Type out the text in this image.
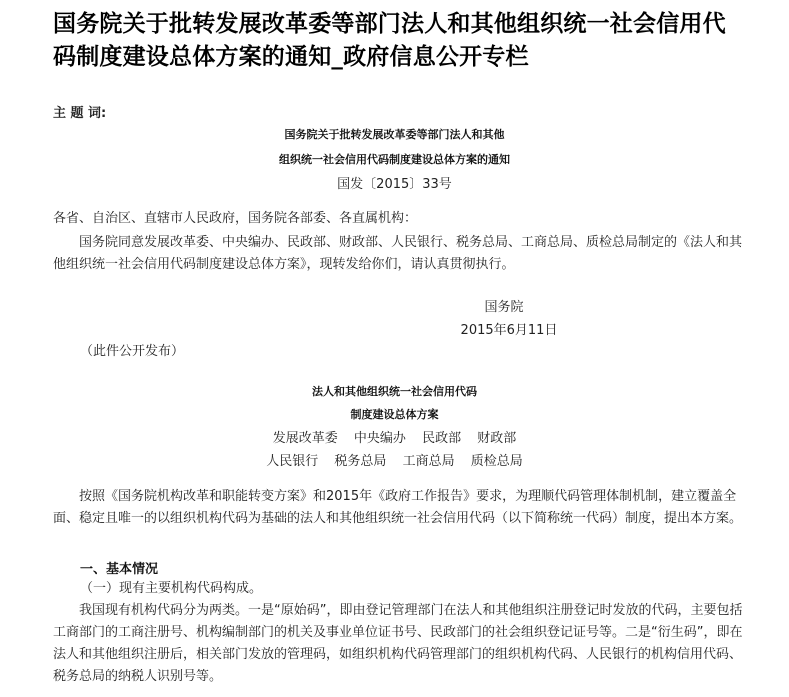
国务院关于批转发展改革委等部门法人和其他组织统一社会信用代码制度建设总体方案的通知_政府信息公开专栏
主 题 词:
国务院关于批转发展改革委等部门法人和其他
组织统一社会信用代码制度建设总体方案的通知
国发〔2015〕33号
各省、自治区、直辖市人民政府，国务院各部委、各直属机构：
国务院同意发展改革委、中央编办、民政部、财政部、人民银行、税务总局、工商总局、质检总局制定的《法人和其他组织统一社会信用代码制度建设总体方案》，现转发给你们，请认真贯彻执行。
国务院
2015年6月11日
（此件公开发布）
法人和其他组织统一社会信用代码
制度建设总体方案
发展改革委 中央编办 民政部 财政部
人民银行 税务总局 工商总局 质检总局
按照《国务院机构改革和职能转变方案》和2015年《政府工作报告》要求，为理顺代码管理体制机制，建立覆盖全面、稳定且唯一的以组织机构代码为基础的法人和其他组织统一社会信用代码（以下简称统一代码）制度，提出本方案。
一、基本情况
（一）现有主要机构代码构成。
我国现有机构代码分为两类。一是“原始码”，即由登记管理部门在法人和其他组织注册登记时发放的代码，主要包括工商部门的工商注册号、机构编制部门的机关及事业单位证书号、民政部门的社会组织登记证号等。二是“衍生码”，即在法人和其他组织注册后，相关部门发放的管理码，如组织机构代码管理部门的组织机构代码、人民银行的机构信用代码、税务总局的纳税人识别号等。
